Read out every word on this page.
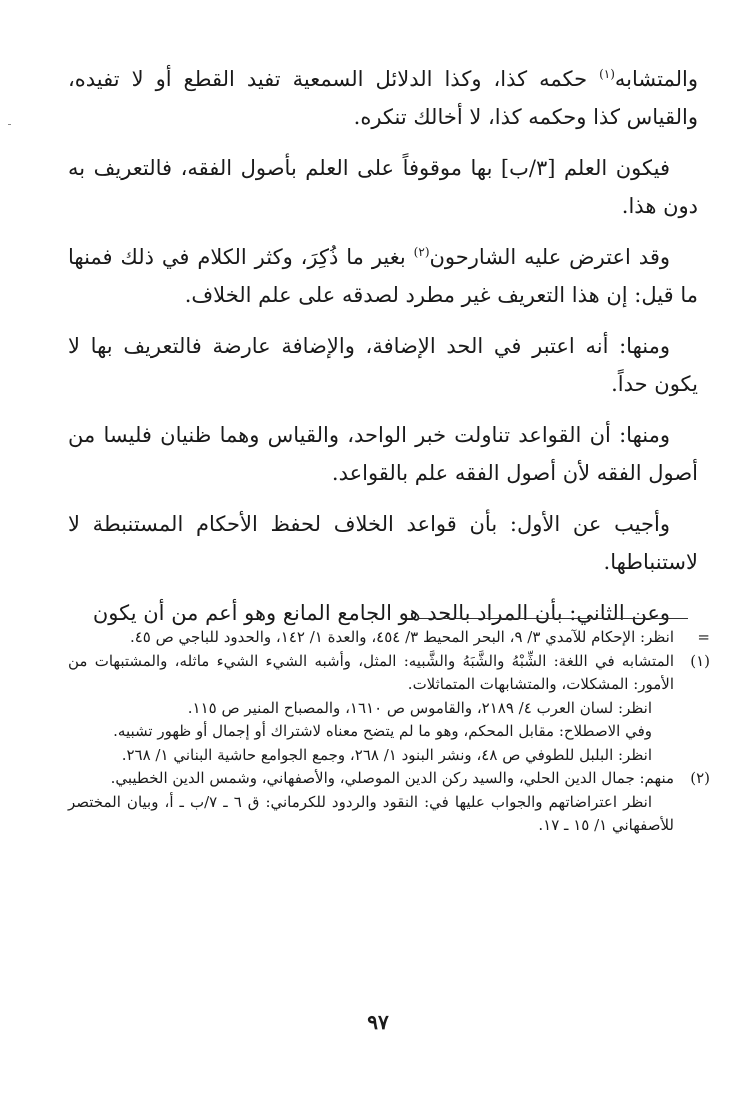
والمتشابه$^{(١)}$ حكمه كذا، وكذا الدلائل السمعية تفيد القطع أو لا تفيده، والقياس كذا وحكمه كذا، لا أخالك تنكره.

فيكون العلم [٣/ب] بها موقوفاً على العلم بأصول الفقه، فالتعريف به دون هذا.

وقد اعترض عليه الشارحون$^{(٢)}$ بغير ما ذُكِرَ، وكثر الكلام في ذلك فمنها ما قيل: إن هذا التعريف غير مطرد لصدقه على علم الخلاف.

ومنها: أنه اعتبر في الحد الإضافة، والإضافة عارضة فالتعريف بها لا يكون حداً.

ومنها: أن القواعد تناولت خبر الواحد، والقياس وهما ظنيان فليسا من أصول الفقه لأن أصول الفقه علم بالقواعد.

وأجيب عن الأول: بأن قواعد الخلاف لحفظ الأحكام المستنبطة لا لاستنباطها.

وعن الثاني: بأن المراد بالحد هو الجامع المانع وهو أعم من أن يكون

=
انظر: الإحكام للآمدي ٣/ ٩، البحر المحيط ٣/ ٤٥٤، والعدة ١/ ١٤٢، والحدود للباجي ص ٤٥.

(١)
المتشابه في اللغة: الشِّبْهُ والشَّبَهُ والشَّبيه: المثل، وأشبه الشيء الشيء ماثله، والمشتبهات من الأمور: المشكلات، والمتشابهات المتماثلات.

انظر: لسان العرب ٤/ ٢١٨٩، والقاموس ص ١٦١٠، والمصباح المنير ص ١١٥.

وفي الاصطلاح: مقابل المحكم، وهو ما لم يتضح معناه لاشتراك أو إجمال أو ظهور تشبيه.

انظر: البلبل للطوفي ص ٤٨، ونشر البنود ١/ ٢٦٨، وجمع الجوامع حاشية البناني ١/ ٢٦٨.

(٢)
منهم: جمال الدين الحلي، والسيد ركن الدين الموصلي، والأصفهاني، وشمس الدين الخطيبي.

انظر اعتراضاتهم والجواب عليها في: النقود والردود للكرماني: ق ٦ ـ ٧/ب ـ أ، وبيان المختصر للأصفهاني ١/ ١٥ ـ ١٧.

٩٧
